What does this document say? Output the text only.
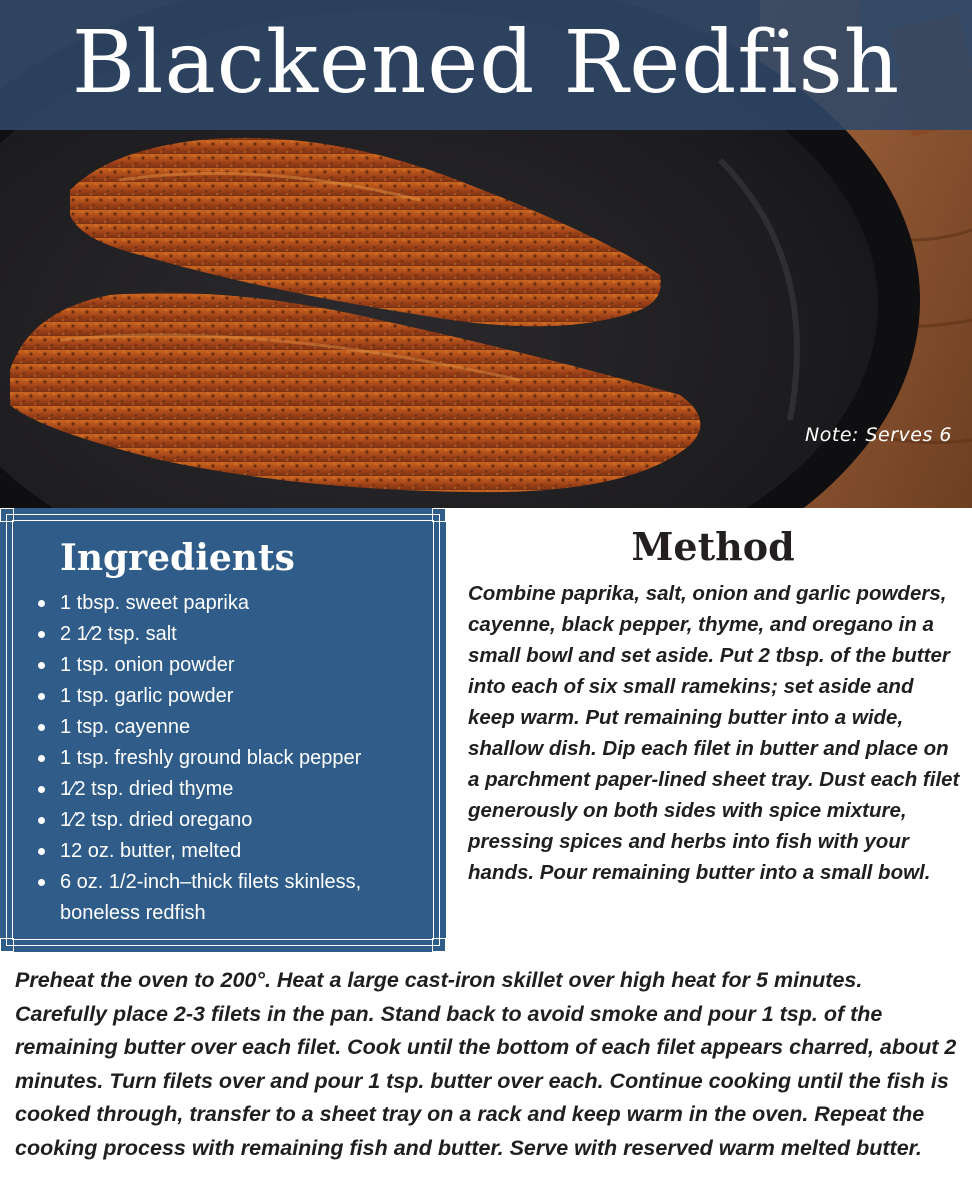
Blackened Redfish
Note: Serves 6
Ingredients
1 tbsp. sweet paprika
2 1⁄2 tsp. salt
1 tsp. onion powder
1 tsp. garlic powder
1 tsp. cayenne
1 tsp. freshly ground black pepper
1⁄2 tsp. dried thyme
1⁄2 tsp. dried oregano
12 oz. butter, melted
6 oz. 1/2-inch–thick filets skinless, boneless redfish
Method

Combine paprika, salt, onion and garlic powders, cayenne, black pepper, thyme, and oregano in a small bowl and set aside. Put 2 tbsp. of the butter into each of six small ramekins; set aside and keep warm. Put remaining butter into a wide, shallow dish. Dip each filet in butter and place on a parchment paper-lined sheet tray. Dust each filet generously on both sides with spice mixture, pressing spices and herbs into fish with your hands. Pour remaining butter into a small bowl.

Preheat the oven to 200°. Heat a large cast-iron skillet over high heat for 5 minutes. Carefully place 2-3 filets in the pan. Stand back to avoid smoke and pour 1 tsp. of the remaining butter over each filet. Cook until the bottom of each filet appears charred, about 2 minutes. Turn filets over and pour 1 tsp. butter over each. Continue cooking until the fish is cooked through, transfer to a sheet tray on a rack and keep warm in the oven. Repeat the cooking process with remaining fish and butter. Serve with reserved warm melted butter.
